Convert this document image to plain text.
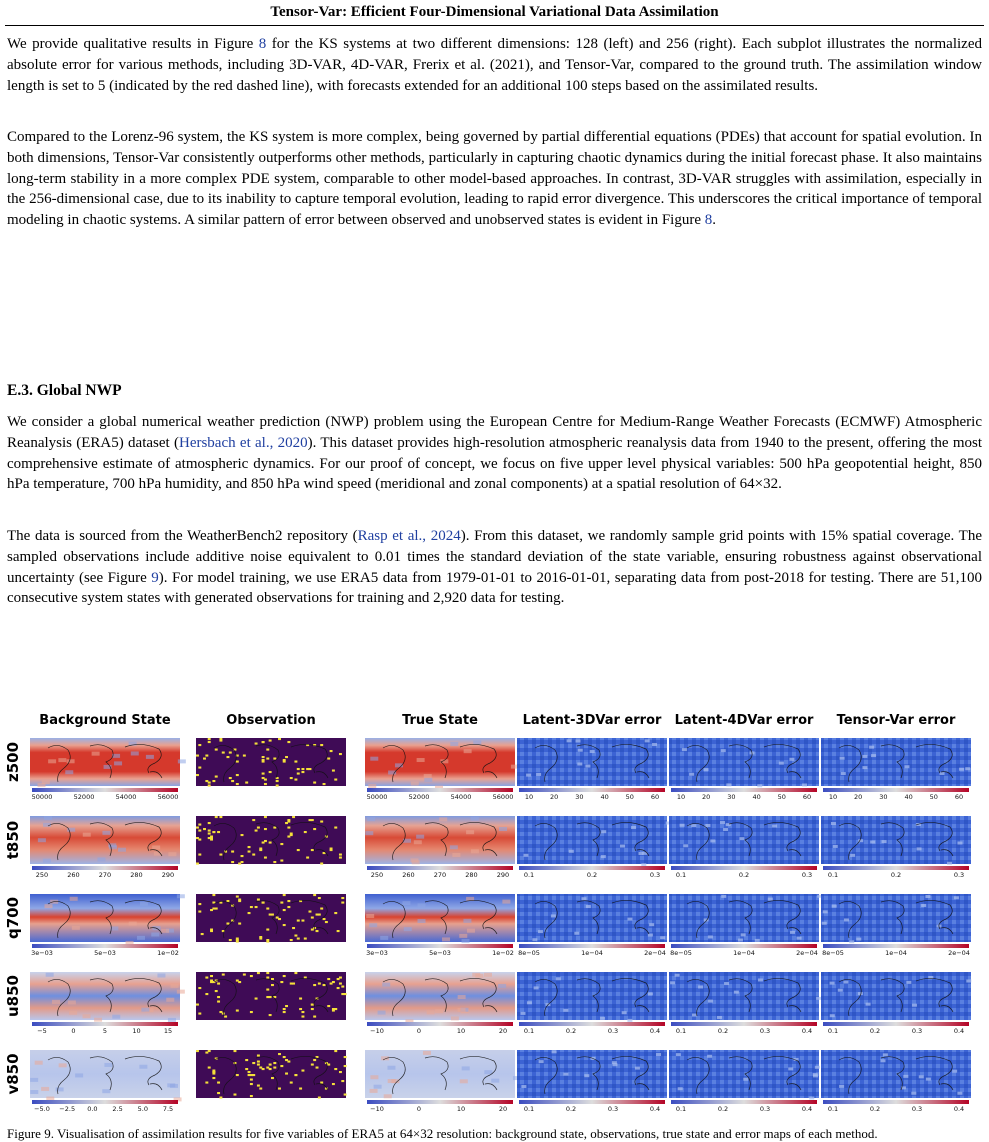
Tensor-Var: Efficient Four-Dimensional Variational Data Assimilation

We provide qualitative results in Figure 8 for the KS systems at two different dimensions: 128 (left) and 256 (right). Each subplot illustrates the normalized absolute error for various methods, including 3D-VAR, 4D-VAR, Frerix et al. (2021), and Tensor-Var, compared to the ground truth. The assimilation window length is set to 5 (indicated by the red dashed line), with forecasts extended for an additional 100 steps based on the assimilated results.

Compared to the Lorenz-96 system, the KS system is more complex, being governed by partial differential equations (PDEs) that account for spatial evolution. In both dimensions, Tensor-Var consistently outperforms other methods, particularly in capturing chaotic dynamics during the initial forecast phase. It also maintains long-term stability in a more complex PDE system, comparable to other model-based approaches. In contrast, 3D-VAR struggles with assimilation, especially in the 256-dimensional case, due to its inability to capture temporal evolution, leading to rapid error divergence. This underscores the critical importance of temporal modeling in chaotic systems. A similar pattern of error between observed and unobserved states is evident in Figure 8.

E.3. Global NWP

We consider a global numerical weather prediction (NWP) problem using the European Centre for Medium-Range Weather Forecasts (ECMWF) Atmospheric Reanalysis (ERA5) dataset (Hersbach et al., 2020). This dataset provides high-resolution atmospheric reanalysis data from 1940 to the present, offering the most comprehensive estimate of atmospheric dynamics. For our proof of concept, we focus on five upper level physical variables: 500 hPa geopotential height, 850 hPa temperature, 700 hPa humidity, and 850 hPa wind speed (meridional and zonal components) at a spatial resolution of 64×32.

The data is sourced from the WeatherBench2 repository (Rasp et al., 2024). From this dataset, we randomly sample grid points with 15% spatial coverage. The sampled observations include additive noise equivalent to 0.01 times the standard deviation of the state variable, ensuring robustness against observational uncertainty (see Figure 9). For model training, we use ERA5 data from 1979-01-01 to 2016-01-01, separating data from post-2018 for testing. There are 51,100 consecutive system states with generated observations for training and 2,920 data for testing.

Background State	Observation	True State	Latent-3DVar error Latent-4DVar error Tensor-Var error
z500
50000	52000	54000	56000	50000	52000	54000	56000 10	20	30	40	50	60	10	20	30	40	50	60	10	20	30	40	50	60
t850
250	260	270	280	290	250	260	270	280	290 0.1	0.2	0.3 0.1	0.2	0.3 0.1	0.2	0.3
q700
3e−03	5e−03	1e−02	3e−03	5e−03	1e−02 8e−05	1e−04	2e−04 8e−05	1e−04	2e−04 8e−05	1e−04	2e−04
u850
−5	0	5	10	15	−10	0	10	20	0.1	0.2	0.3	0.4 0.1	0.2	0.3	0.4 0.1	0.2	0.3	0.4
v850
−5.0 −2.5 0.0 2.5 5.0 7.5	−10	0	10	20	0.1	0.2	0.3	0.4 0.1	0.2	0.3	0.4 0.1	0.2	0.3	0.4

Figure 9. Visualisation of assimilation results for five variables of ERA5 at 64×32 resolution: background state, observations, true state and error maps of each method.
